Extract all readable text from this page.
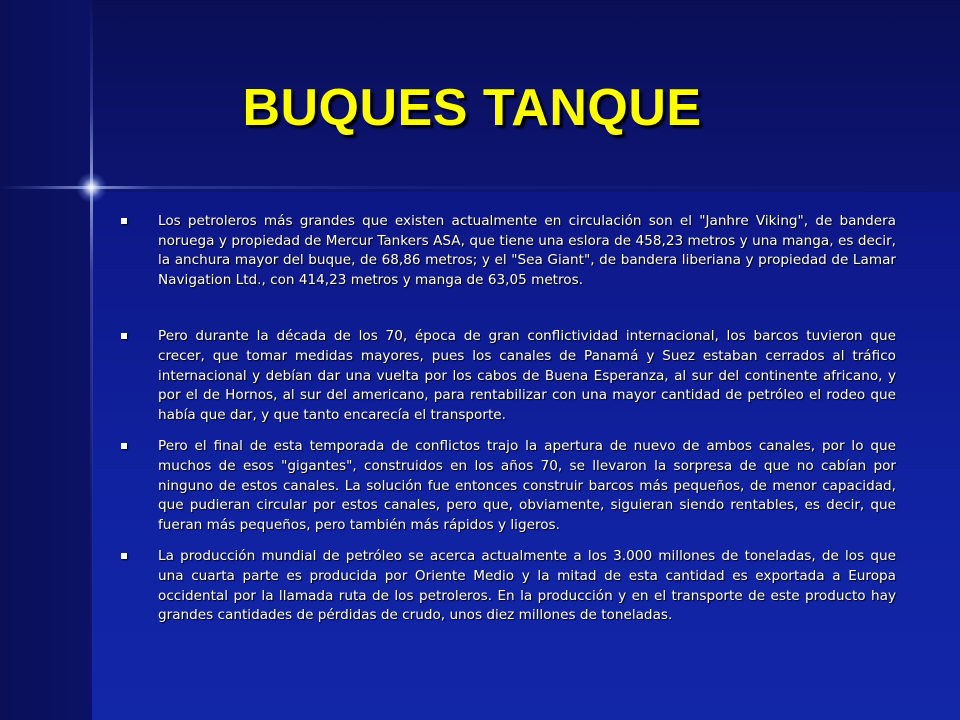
BUQUES TANQUE
Los petroleros más grandes que existen actualmente en circulación son el "Janhre Viking", de bandera noruega y propiedad de Mercur Tankers ASA, que tiene una eslora de 458,23 metros y una manga, es decir, la anchura mayor del buque, de 68,86 metros; y el "Sea Giant", de bandera liberiana y propiedad de Lamar Navigation Ltd., con 414,23 metros y manga de 63,05 metros.
Pero durante la década de los 70, época de gran conflictividad internacional, los barcos tuvieron que crecer, que tomar medidas mayores, pues los canales de Panamá y Suez estaban cerrados al tráfico internacional y debían dar una vuelta por los cabos de Buena Esperanza, al sur del continente africano, y por el de Hornos, al sur del americano, para rentabilizar con una mayor cantidad de petróleo el rodeo que había que dar, y que tanto encarecía el transporte.
Pero el final de esta temporada de conflictos trajo la apertura de nuevo de ambos canales, por lo que muchos de esos "gigantes", construidos en los años 70, se llevaron la sorpresa de que no cabían por ninguno de estos canales. La solución fue entonces construir barcos más pequeños, de menor capacidad, que pudieran circular por estos canales, pero que, obviamente, siguieran siendo rentables, es decir, que fueran más pequeños, pero también más rápidos y ligeros.
La producción mundial de petróleo se acerca actualmente a los 3.000 millones de toneladas, de los que una cuarta parte es producida por Oriente Medio y la mitad de esta cantidad es exportada a Europa occidental por la llamada ruta de los petroleros. En la producción y en el transporte de este producto hay grandes cantidades de pérdidas de crudo, unos diez millones de toneladas.
